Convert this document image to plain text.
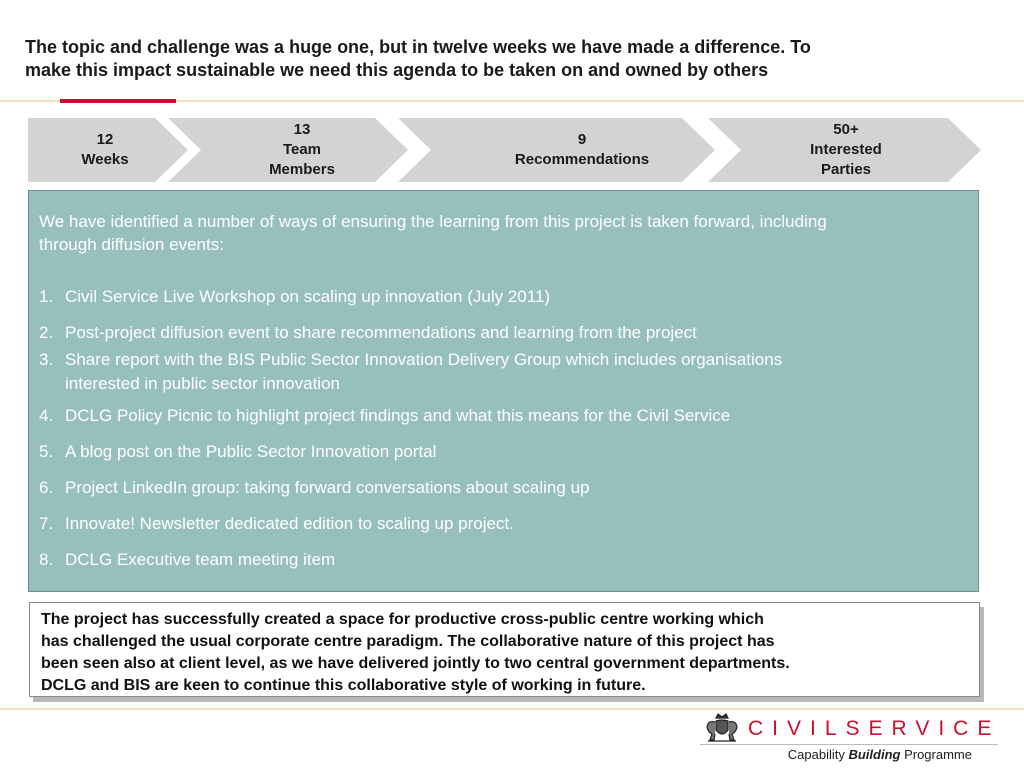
The topic and challenge was a huge one, but in twelve weeks we have made a difference. To
make this impact sustainable we need this agenda to be taken on and owned by others
12
Weeks
13
Team
Members
9
Recommendations
50+
Interested
Parties
We have identified a number of ways of ensuring the learning from this project is taken forward, including
through diffusion events:
1. Civil Service Live Workshop on scaling up innovation (July 2011)
2. Post-project diffusion event to share recommendations and learning from the project
3. Share report with the BIS Public Sector Innovation Delivery Group which includes organisations
interested in public sector innovation
4. DCLG Policy Picnic to highlight project findings and what this means for the Civil Service
5. A blog post on the Public Sector Innovation portal
6. Project LinkedIn group: taking forward conversations about scaling up
7. Innovate! Newsletter dedicated edition to scaling up project.
8. DCLG Executive team meeting item
The project has successfully created a space for productive cross-public centre working which
has challenged the usual corporate centre paradigm. The collaborative nature of this project has
been seen also at client level, as we have delivered jointly to two central government departments.
DCLG and BIS are keen to continue this collaborative style of working in future.
CIVILSERVICE
Capability Building Programme
